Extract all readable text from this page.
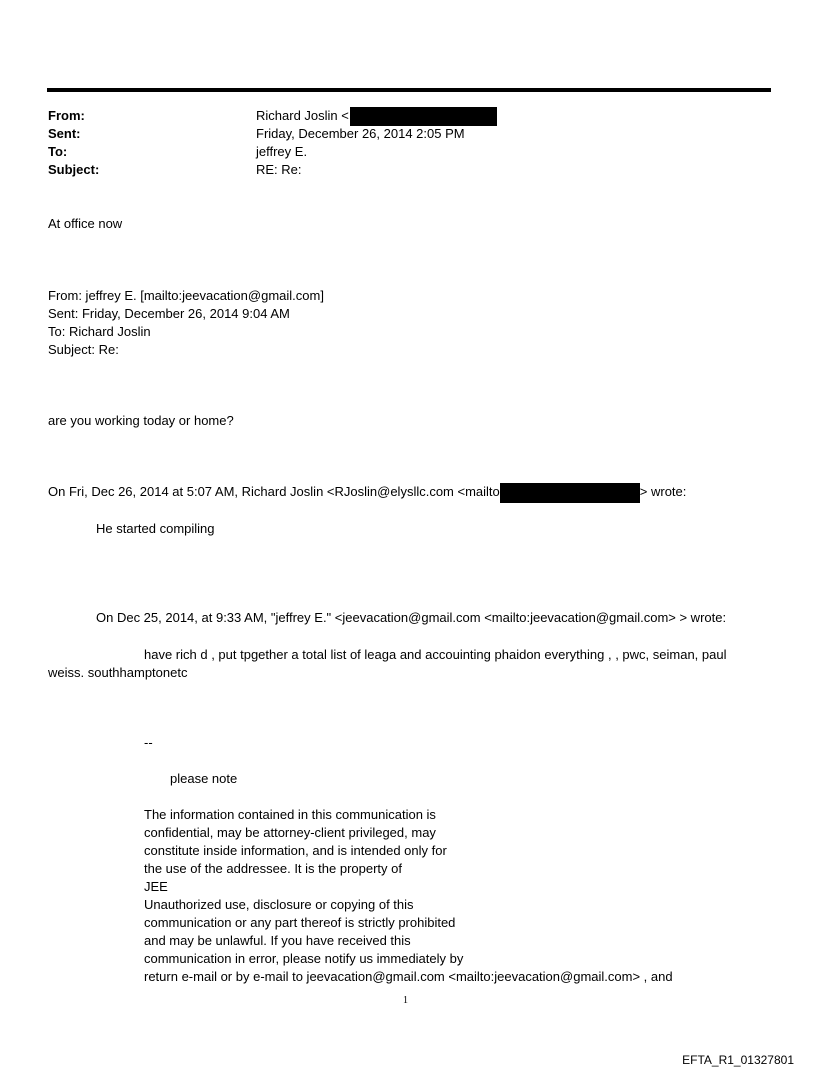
From:	Richard Joslin <
Sent:	Friday, December 26, 2014 2:05 PM
To:	jeffrey E.
Subject:	RE: Re:
At office now
From: jeffrey E. [mailto:jeevacation@gmail.com]
Sent: Friday, December 26, 2014 9:04 AM
To: Richard Joslin
Subject: Re:
are you working today or home?
On Fri, Dec 26, 2014 at 5:07 AM, Richard Joslin <RJoslin@elysllc.com <mailto	> wrote:
He started compiling
On Dec 25, 2014, at 9:33 AM, "jeffrey E." <jeevacation@gmail.com <mailto:jeevacation@gmail.com> > wrote:
have rich d , put tpgether a total list of leaga and accouinting phaidon everything , , pwc, seiman, paul
weiss. southhamptonetc
--
please note
The information contained in this communication is
confidential, may be attorney-client privileged, may
constitute inside information, and is intended only for
the use of the addressee. It is the property of
JEE
Unauthorized use, disclosure or copying of this
communication or any part thereof is strictly prohibited
and may be unlawful. If you have received this
communication in error, please notify us immediately by
return e-mail or by e-mail to jeevacation@gmail.com <mailto:jeevacation@gmail.com> , and
1
EFTA_R1_01327801
